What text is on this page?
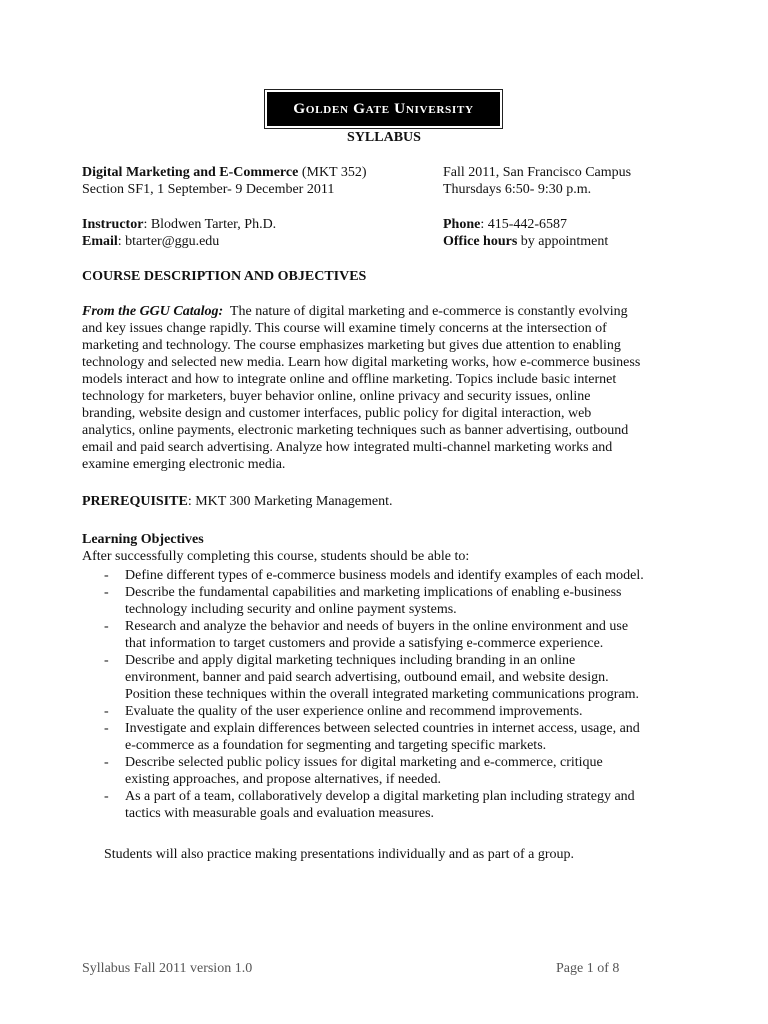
Golden Gate University
SYLLABUS
Digital Marketing and E-Commerce (MKT 352)
Section SF1, 1 September- 9 December 2011
Instructor: Blodwen Tarter, Ph.D.
Email: btarter@ggu.edu
Fall 2011, San Francisco Campus
Thursdays 6:50- 9:30 p.m.
Phone: 415-442-6587
Office hours by appointment
COURSE DESCRIPTION AND OBJECTIVES
From the GGU Catalog:  The nature of digital marketing and e-commerce is constantly evolving
and key issues change rapidly. This course will examine timely concerns at the intersection of
marketing and technology. The course emphasizes marketing but gives due attention to enabling
technology and selected new media. Learn how digital marketing works, how e-commerce business
models interact and how to integrate online and offline marketing. Topics include basic internet
technology for marketers, buyer behavior online, online privacy and security issues, online
branding, website design and customer interfaces, public policy for digital interaction, web
analytics, online payments, electronic marketing techniques such as banner advertising, outbound
email and paid search advertising. Analyze how integrated multi-channel marketing works and
examine emerging electronic media.
PREREQUISITE: MKT 300 Marketing Management.
Learning Objectives
After successfully completing this course, students should be able to:
- Define different types of e-commerce business models and identify examples of each model.
- Describe the fundamental capabilities and marketing implications of enabling e-business
technology including security and online payment systems.
- Research and analyze the behavior and needs of buyers in the online environment and use
that information to target customers and provide a satisfying e-commerce experience.
- Describe and apply digital marketing techniques including branding in an online
environment, banner and paid search advertising, outbound email, and website design.
Position these techniques within the overall integrated marketing communications program.
- Evaluate the quality of the user experience online and recommend improvements.
- Investigate and explain differences between selected countries in internet access, usage, and
e-commerce as a foundation for segmenting and targeting specific markets.
- Describe selected public policy issues for digital marketing and e-commerce, critique
existing approaches, and propose alternatives, if needed.
- As a part of a team, collaboratively develop a digital marketing plan including strategy and
tactics with measurable goals and evaluation measures.
Students will also practice making presentations individually and as part of a group.
Syllabus Fall 2011 version 1.0	Page 1 of 8
